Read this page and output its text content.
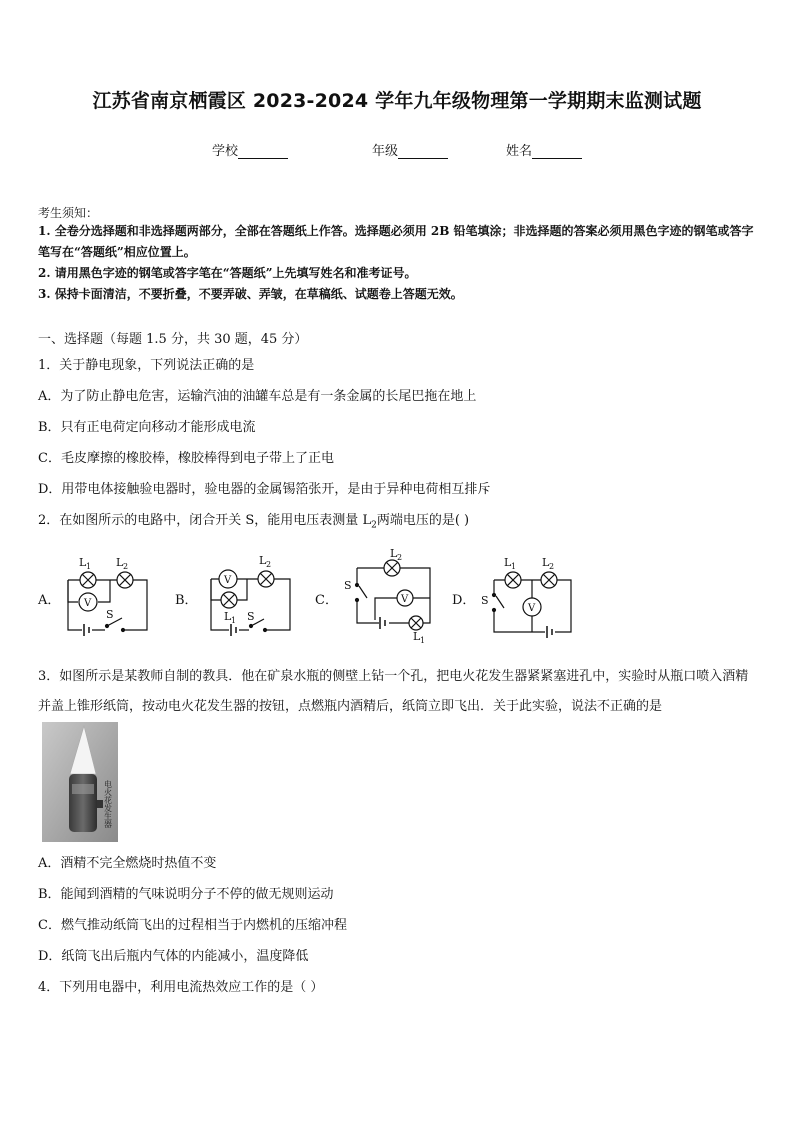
江苏省南京栖霞区 2023-2024 学年九年级物理第一学期期末监测试题
学校	年级	姓名
考生须知：
1. 全卷分选择题和非选择题两部分，全部在答题纸上作答。选择题必须用 2B 铅笔填涂；非选择题的答案必须用黑色字迹的钢笔或答字笔写在“答题纸”相应位置上。
2. 请用黑色字迹的钢笔或答字笔在“答题纸”上先填写姓名和准考证号。
3. 保持卡面清洁，不要折叠，不要弄破、弄皱，在草稿纸、试题卷上答题无效。
一、选择题（每题 1.5 分，共 30 题，45 分）
1．关于静电现象，下列说法正确的是
A．为了防止静电危害，运输汽油的油罐车总是有一条金属的长尾巴拖在地上
B．只有正电荷定向移动才能形成电流
C．毛皮摩擦的橡胶棒，橡胶棒得到电子带上了正电
D．用带电体接触验电器时，验电器的金属锡箔张开，是由于异种电荷相互排斥
2．在如图所示的电路中，闭合开关 S，能用电压表测量 $L_2$两端电压的是( )
A．	B．	C．	D．
L 1 L 2
V
S
V
L 2
L 1 S
L 2
V
S
L 1
L 1 L 2
V
S
3．如图所示是某教师自制的教具．他在矿泉水瓶的侧壁上钻一个孔，把电火花发生器紧紧塞进孔中，实验时从瓶口喷入酒精并盖上锥形纸筒，按动电火花发生器的按钮，点燃瓶内酒精后，纸筒立即飞出．关于此实验，说法不正确的是
电火花发生器
A．酒精不完全燃烧时热值不变
B．能闻到酒精的气味说明分子不停的做无规则运动
C．燃气推动纸筒飞出的过程相当于内燃机的压缩冲程
D．纸筒飞出后瓶内气体的内能减小，温度降低
4．下列用电器中，利用电流热效应工作的是（ ）
